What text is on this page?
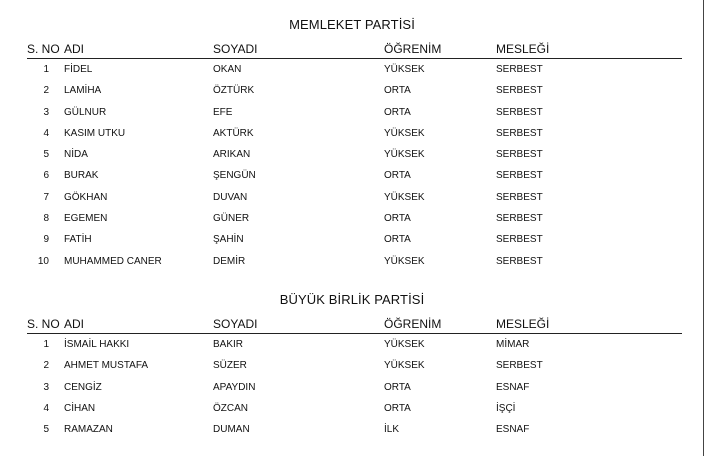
MEMLEKET PARTİSİ
S. NO ADI	SOYADI	ÖĞRENİM	MESLEĞİ
1 FİDEL	OKAN	YÜKSEK	SERBEST
2 LAMİHA	ÖZTÜRK	ORTA	SERBEST
3 GÜLNUR	EFE	ORTA	SERBEST
4 KASIM UTKU	AKTÜRK	YÜKSEK	SERBEST
5 NİDA	ARIKAN	YÜKSEK	SERBEST
6 BURAK	ŞENGÜN	ORTA	SERBEST
7 GÖKHAN	DUVAN	YÜKSEK	SERBEST
8 EGEMEN	GÜNER	ORTA	SERBEST
9 FATİH	ŞAHİN	ORTA	SERBEST
10 MUHAMMED CANER	DEMİR	YÜKSEK	SERBEST
BÜYÜK BİRLİK PARTİSİ
S. NO ADI	SOYADI	ÖĞRENİM	MESLEĞİ
1 İSMAİL HAKKI	BAKIR	YÜKSEK	MİMAR
2 AHMET MUSTAFA	SÜZER	YÜKSEK	SERBEST
3 CENGİZ	APAYDIN	ORTA	ESNAF
4 CİHAN	ÖZCAN	ORTA	İŞÇİ
5 RAMAZAN	DUMAN	İLK	ESNAF
